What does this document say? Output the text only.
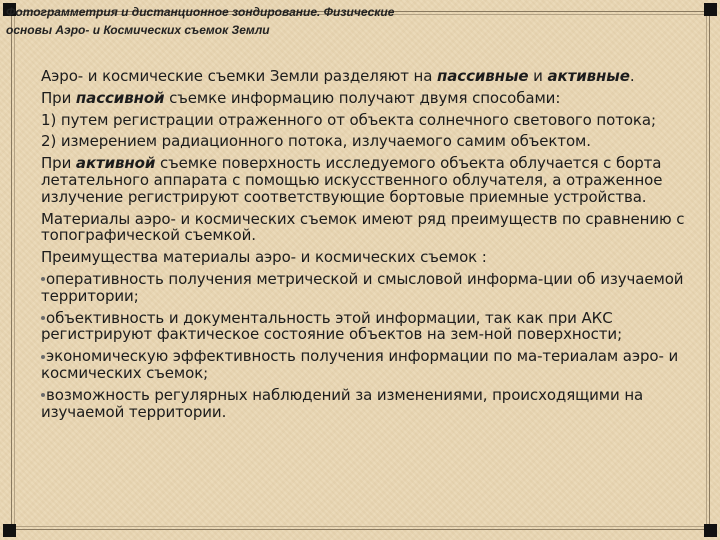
Фотограмметрия и дистанционное зондирование. Физические основы Аэро- и Космических съемок Земли

Аэро- и космические съемки Земли разделяют на пассивные и активные.

При пассивной съемке информацию получают двумя способами:

1) путем регистрации отраженного от объекта солнечного светового потока;

2) измерением радиационного потока, излучаемого самим объектом.

При активной съемке поверхность исследуемого объекта облучается с борта летательного аппарата с помощью искусственного облучателя, а отраженное излучение регистрируют соответствующие бортовые приемные устройства.

Материалы аэро- и космических съемок имеют ряд преимуществ по сравнению с топографической съемкой.

Преимущества материалы аэро- и космических съемок :

оперативность получения метрической и смысловой информа-ции об изучаемой территории;

объективность и документальность этой информации, так как при АКС регистрируют фактическое состояние объектов на зем-ной поверхности;

экономическую эффективность получения информации по ма-териалам аэро- и космических съемок;

возможность регулярных наблюдений за изменениями, происходящими на изучаемой территории.
